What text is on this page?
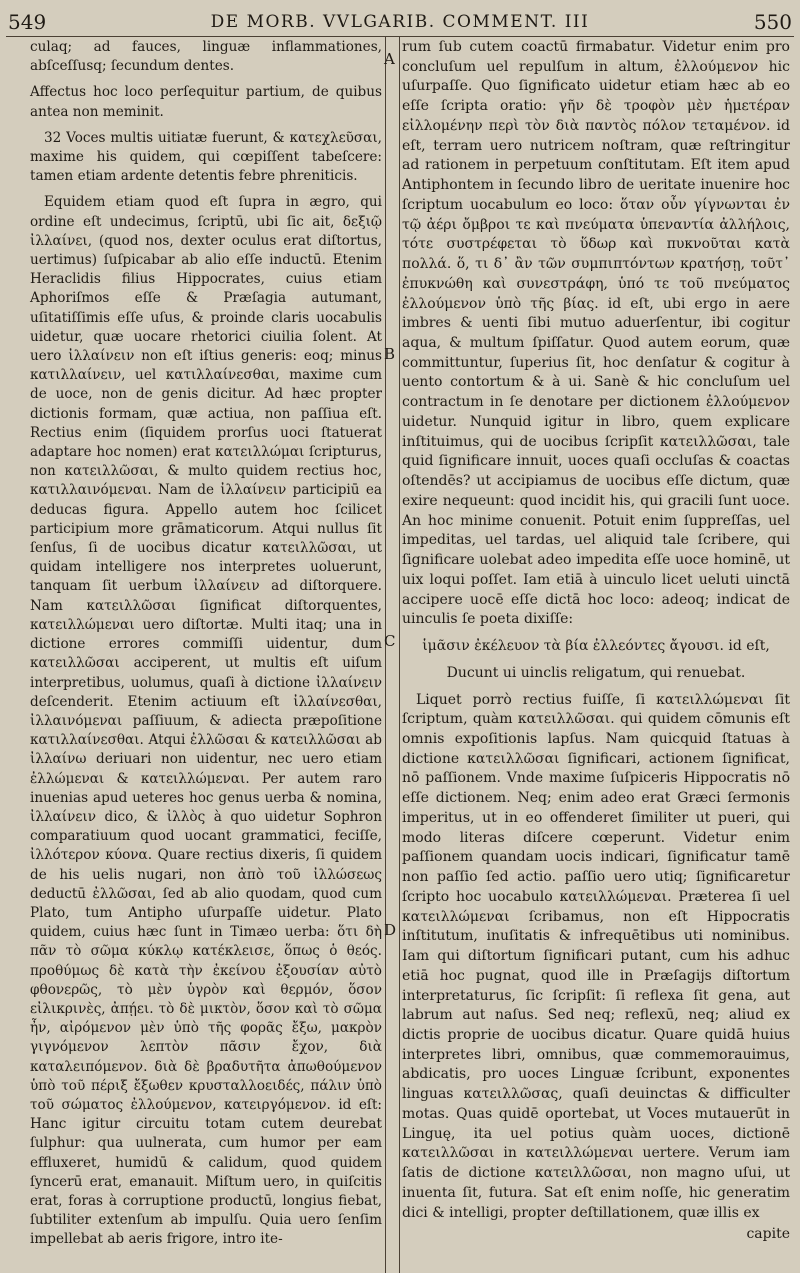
549	DE MORB. VVLGARIB. COMMENT. III	550
A
B
C
D

culaq; ad fauces, linguæ inflammationes, abſceſſusq; ſecundum dentes.

Affectus hoc loco perſequitur partium, de quibus antea non meminit.

32 Voces multis uitiatæ fuerunt, & κατεχλεῦσαι, maxime his quidem, qui cœpiſſent tabeſcere: tamen etiam ardente detentis febre phreniticis.

Equidem etiam quod eſt ſupra in ægro, qui ordine eſt undecimus, ſcriptū, ubi ſic ait, δεξιῷ ἰλλαίνει, (quod nos, dexter oculus erat diſtortus, uertimus) ſuſpicabar ab alio eſſe inductū. Etenim Heraclidis filius Hippocrates, cuius etiam Aphoriſmos eſſe & Præſagia autumant, uſitatiſſimis eſſe uſus, & proinde claris uocabulis uidetur, quæ uocare rhetorici ciuilia ſolent. At uero ἰλλαίνειν non eſt iſtius generis: eoq; minus κατιλλαίνειν, uel κατιλλαίνεσθαι, maxime cum de uoce, non de genis dicitur. Ad hæc propter dictionis formam, quæ actiua, non paſſiua eſt. Rectius enim (ſiquidem prorſus uoci ſtatuerat adaptare hoc nomen) erat κατειλλώμαι ſcripturus, non κατειλλῶσαι, & multo quidem rectius hoc, κατιλλαινόμεναι. Nam de ἰλλαίνειν participiū ea deducas figura. Appello autem hoc ſcilicet participium more grāmaticorum. Atqui nullus ſit ſenſus, ſi de uocibus dicatur κατειλλῶσαι, ut quidam intelligere nos interpretes uoluerunt, tanquam ſit uerbum ἰλλαίνειν ad diſtorquere. Nam κατειλλῶσαι ſignificat diſtorquentes, κατειλλώμεναι uero diſtortæ. Multi itaq; una in dictione errores commiſſi uidentur, dum κατειλλῶσαι acciperent, ut multis eſt uiſum interpretibus, uolumus, quaſi à dictione ἰλλαίνειν deſcenderit. Etenim actiuum eſt ἰλλαίνεσθαι, ἰλλαινόμεναι paſſiuum, & adiecta præpoſitione κατιλλαίνεσθαι. Atqui ἐλλῶσαι & κατειλλῶσαι ab ἰλλαίνω deriuari non uidentur, nec uero etiam ἐλλώμεναι & κατειλλώμεναι. Per autem raro inuenias apud ueteres hoc genus uerba & nomina, ἰλλαίνειν dico, & ἰλλὸς à quo uidetur Sophron comparatiuum quod uocant grammatici, feciſſe, ἰλλότερον κύονα. Quare rectius dixeris, ſi quidem de his uelis nugari, non ἀπὸ τοῦ ἰλλώσεως deductū ἐλλῶσαι, ſed ab alio quodam, quod cum Plato, tum Antipho uſurpaſſe uidetur. Plato quidem, cuius hæc ſunt in Timæo uerba: ὅτι δὴ πᾶν τὸ σῶμα κύκλῳ κατέκλεισε, ὅπως ὁ θεός. προθύμως δὲ κατὰ τὴν ἐκείνου ἐξουσίαν αὐτὸ φθονερῶς, τὸ μὲν ὑγρὸν καὶ θερμόν, ὅσον εἰλικρινὲς, ἀπῄει. τὸ δὲ μικτὸν, ὅσον καὶ τὸ σῶμα ἦν, αἰρόμενον μὲν ὑπὸ τῆς φορᾶς ἔξω, μακρὸν γιγνόμενον λεπτὸν πᾶσιν ἔχον, διὰ καταλειπόμενον. διὰ δὲ βραδυτῆτα ἀπωθούμενον ὑπὸ τοῦ πέριξ ἔξωθεν κρυσταλλοειδές, πάλιν ὑπὸ τοῦ σώματος ἐλλούμενον, κατειργόμενον. id eſt: Hanc igitur circuitu totam cutem deurebat ſulphur: qua uulnerata, cum humor per eam effluxeret, humidū & calidum, quod quidem ſyncerū erat, emanauit. Miſtum uero, in quiſcitis erat, foras à corruptione productū, longius fiebat, ſubtiliter extenſum ab impulſu. Quia uero ſenſim impellebat ab aeris frigore, intro ite-

rum ſub cutem coactū firmabatur. Videtur enim pro concluſum uel repulſum in altum, ἐλλούμενον hic uſurpaſſe. Quo ſignificato uidetur etiam hæc ab eo eſſe ſcripta oratio: γῆν δὲ τροφὸν μὲν ἡμετέραν εἰλλομένην περὶ τὸν διὰ παντὸς πόλον τεταμένον. id eſt, terram uero nutricem noſtram, quæ reſtringitur ad rationem in perpetuum conſtitutam. Eſt item apud Antiphontem in ſecundo libro de ueritate inuenire hoc ſcriptum uocabulum eo loco: ὅταν οὖν γίγνωνται ἐν τῷ ἀέρι ὄμβροι τε καὶ πνεύματα ὑπεναντία ἀλλήλοις, τότε συστρέφεται τὸ ὕδωρ καὶ πυκνοῦται κατὰ πολλά. ὅ, τι δ᾿ ἂν τῶν συμπιπτόντων κρατήσῃ, τοῦτ᾿ ἐπυκνώθη καὶ συνεστράφη, ὑπό τε τοῦ πνεύματος ἐλλούμενον ὑπὸ τῆς βίας. id eſt, ubi ergo in aere imbres & uenti ſibi mutuo aduerſentur, ibi cogitur aqua, & multum ſpiſſatur. Quod autem eorum, quæ committuntur, ſuperius ſit, hoc denſatur & cogitur à uento contortum & à ui. Sanè & hic concluſum uel contractum in ſe denotare per dictionem ἐλλούμενον uidetur. Nunquid igitur in libro, quem explicare inſtituimus, qui de uocibus ſcripſit κατειλλῶσαι, tale quid ſignificare innuit, uoces quaſi occluſas & coactas oſtendēs? ut accipiamus de uocibus eſſe dictum, quæ exire nequeunt: quod incidit his, qui gracili ſunt uoce. An hoc minime conuenit. Potuit enim ſuppreſſas, uel impeditas, uel tardas, uel aliquid tale ſcribere, qui ſignificare uolebat adeo impedita eſſe uoce hominē, ut uix loqui poſſet. Iam etiā à uinculo licet ueluti uinctā accipere uocē eſſe dictā hoc loco: adeoq; indicat de uinculis ſe poeta dixiſſe:

ἱμᾶσιν ἐκέλευον τὰ βία ἐλλεόντες ἄγουσι. id eſt,

Ducunt ui uinclis religatum, qui renuebat.

Liquet porrò rectius fuiſſe, ſi κατειλλώμεναι ſit ſcriptum, quàm κατειλλῶσαι. qui quidem cōmunis eſt omnis expoſitionis lapſus. Nam quicquid ſtatuas à dictione κατειλλῶσαι ſignificari, actionem ſignificat, nō paſſionem. Vnde maxime ſuſpiceris Hippocratis nō eſſe dictionem. Neq; enim adeo erat Græci ſermonis imperitus, ut in eo offenderet ſimiliter ut pueri, qui modo literas diſcere cœperunt. Videtur enim paſſionem quandam uocis indicari, ſignificatur tamē non paſſio ſed actio. paſſio uero utiq; ſignificaretur ſcripto hoc uocabulo κατειλλώμεναι. Præterea ſi uel κατειλλώμεναι ſcribamus, non eſt Hippocratis inſtitutum, inuſitatis & infrequētibus uti nominibus. Iam qui diſtortum ſignificari putant, cum his adhuc etiā hoc pugnat, quod ille in Præſagijs diſtortum interpretaturus, ſic ſcripſit: ſi reflexa ſit gena, aut labrum aut naſus. Sed neq; reflexū, neq; aliud ex dictis proprie de uocibus dicatur. Quare quidā huius interpretes libri, omnibus, quæ commemorauimus, abdicatis, pro uoces Linguæ ſcribunt, exponentes linguas κατειλλῶσας, quaſi deuinctas & difficulter motas. Quas quidē oportebat, ut Voces mutauerūt in Linguę, ita uel potius quàm uoces, dictionē κατειλλῶσαι in κατειλλώμεναι uertere. Verum iam ſatis de dictione κατειλλῶσαι, non magno uſui, ut inuenta ſit, futura. Sat eſt enim noſſe, hic generatim dici & intelligi, propter deſtillationem, quæ illis ex

capite
